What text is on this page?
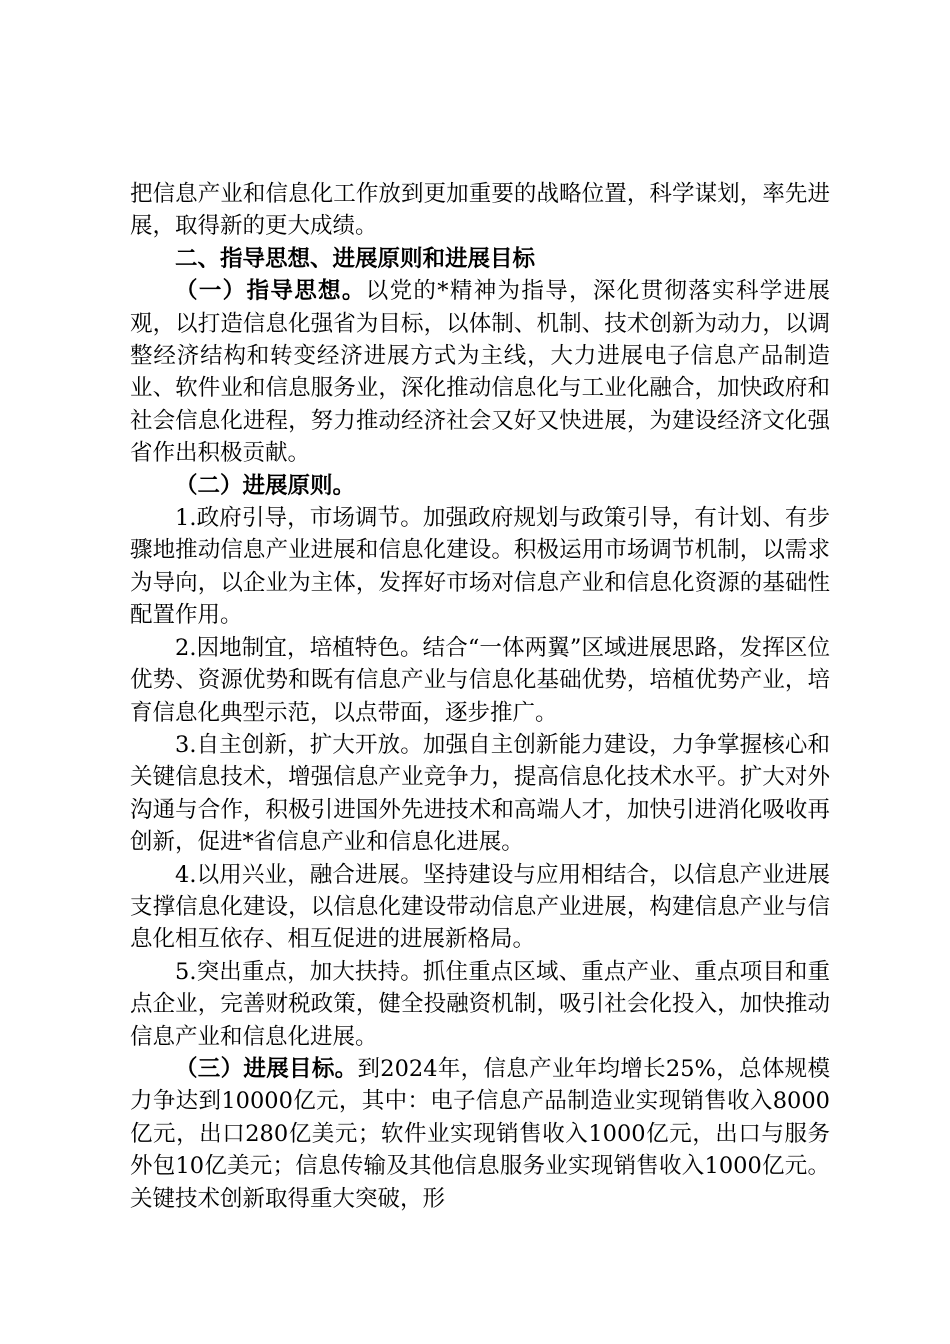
把信息产业和信息化工作放到更加重要的战略位置，科学谋划，率先进展，取得新的更大成绩。

二、指导思想、进展原则和进展目标

（一）指导思想。以党的*精神为指导，深化贯彻落实科学进展观，以打造信息化强省为目标，以体制、机制、技术创新为动力，以调整经济结构和转变经济进展方式为主线，大力进展电子信息产品制造业、软件业和信息服务业，深化推动信息化与工业化融合，加快政府和社会信息化进程，努力推动经济社会又好又快进展，为建设经济文化强省作出积极贡献。

（二）进展原则。

1.政府引导，市场调节。加强政府规划与政策引导，有计划、有步骤地推动信息产业进展和信息化建设。积极运用市场调节机制，以需求为导向，以企业为主体，发挥好市场对信息产业和信息化资源的基础性配置作用。

2.因地制宜，培植特色。结合“一体两翼”区域进展思路，发挥区位优势、资源优势和既有信息产业与信息化基础优势，培植优势产业，培育信息化典型示范，以点带面，逐步推广。

3.自主创新，扩大开放。加强自主创新能力建设，力争掌握核心和关键信息技术，增强信息产业竞争力，提高信息化技术水平。扩大对外沟通与合作，积极引进国外先进技术和高端人才，加快引进消化吸收再创新，促进*省信息产业和信息化进展。

4.以用兴业，融合进展。坚持建设与应用相结合，以信息产业进展支撑信息化建设，以信息化建设带动信息产业进展，构建信息产业与信息化相互依存、相互促进的进展新格局。

5.突出重点，加大扶持。抓住重点区域、重点产业、重点项目和重点企业，完善财税政策，健全投融资机制，吸引社会化投入，加快推动信息产业和信息化进展。

（三）进展目标。到2024年，信息产业年均增长25%，总体规模力争达到10000亿元，其中：电子信息产品制造业实现销售收入8000亿元，出口280亿美元；软件业实现销售收入1000亿元，出口与服务外包10亿美元；信息传输及其他信息服务业实现销售收入1000亿元。关键技术创新取得重大突破，形
